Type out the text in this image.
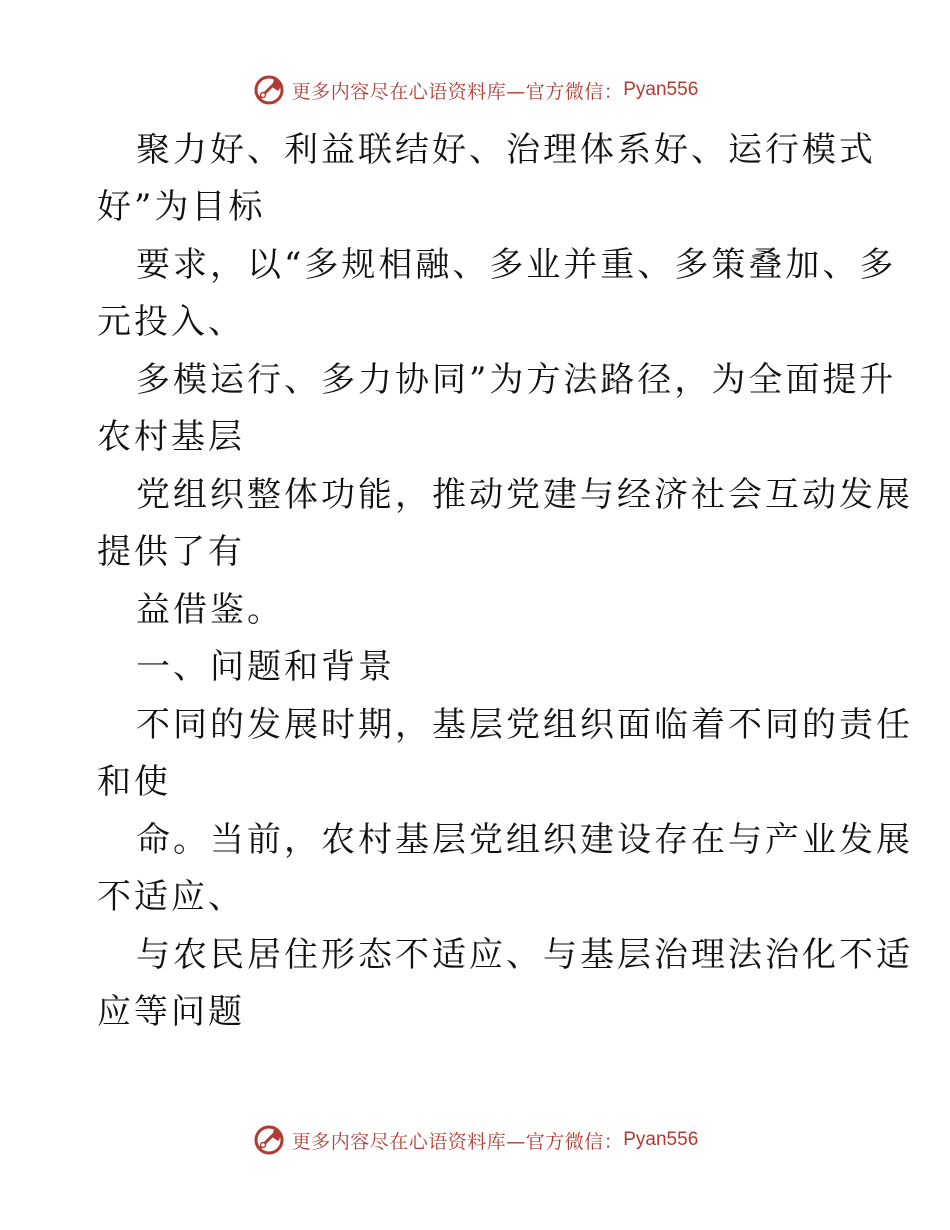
更多内容尽在心语资料库—官方微信： Pyan556
聚力好、利益联结好、治理体系好、运行模式
好”为目标
要求，以“多规相融、多业并重、多策叠加、多
元投入、
多模运行、多力协同”为方法路径，为全面提升
农村基层
党组织整体功能，推动党建与经济社会互动发展
提供了有
益借鉴。
一、问题和背景
不同的发展时期，基层党组织面临着不同的责任
和使
命。当前，农村基层党组织建设存在与产业发展
不适应、
与农民居住形态不适应、与基层治理法治化不适
应等问题
更多内容尽在心语资料库—官方微信： Pyan556
